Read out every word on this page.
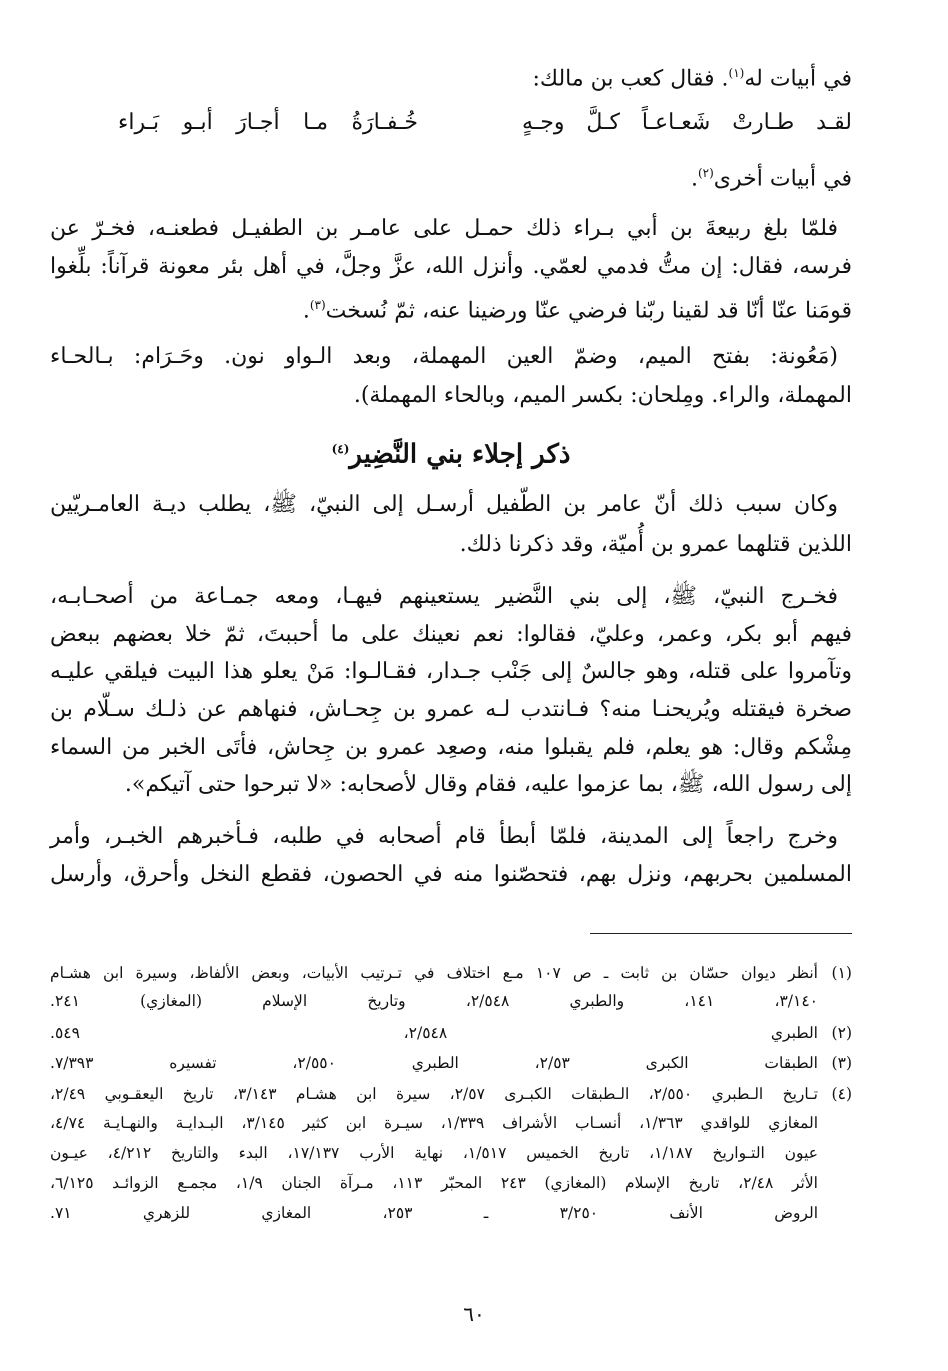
في أبيات له$^{(١)}$. فقال كعب بن مالك:
لقـد طـارتْ شَعـاعـاً كـلَّ وجـهٍ
خُـفـارَةُ مـا أجـارَ أبـو بَـراء
في أبيات أخرى$^{(٢)}$.
فلمّا بلغ ربيعةَ بن أبي بـراء ذلك حمـل على عامـر بن الطفيـل فطعنـه، فخـرّ عن
فرسه، فقال: إن متُّ فدمي لعمّي. وأنزل الله، عزَّ وجلَّ، في أهل بئر معونة قرآناً: بلِّغوا
قومَنا عنّا أنّا قد لقينا ربّنا فرضي عنّا ورضينا عنه، ثمّ نُسخت$^{(٣)}$.
(مَعُونة: بفتح الميم، وضمّ العين المهملة، وبعد الـواو نون. وحَـرَام: بـالحـاء
المهملة، والراء. ومِلحان: بكسر الميم، وبالحاء المهملة).
ذكر إجلاء بني النَّضِير$^{(٤)}$
وكان سبب ذلك أنّ عامر بن الطّفيل أرسـل إلى النبيّ، ﷺ، يطلب ديـة العامـريّين
اللذين قتلهما عمرو بن أُميّة، وقد ذكرنا ذلك.
فخـرج النبيّ، ﷺ، إلى بني النَّضير يستعينهم فيهـا، ومعه جمـاعة من أصحـابـه،
فيهم أبو بكر، وعمر، وعليّ، فقالوا: نعم نعينك على ما أحببتَ، ثمّ خلا بعضهم ببعض
وتآمروا على قتله، وهو جالسٌ إلى جَنْب جـدار، فقـالـوا: مَنْ يعلو هذا البيت فيلقي عليـه
صخرة فيقتله ويُريحنـا منه؟ فـانتدب لـه عمرو بن جِحـاش، فنهاهم عن ذلـك سـلّام بن
مِشْكم وقال: هو يعلم، فلم يقبلوا منه، وصعِد عمرو بن جِحاش، فأتَى الخبر من السماء
إلى رسول الله، ﷺ، بما عزموا عليه، فقام وقال لأصحابه: «لا تبرحوا حتى آتيكم».
وخرج راجعاً إلى المدينة، فلمّا أبطأ قام أصحابه في طلبه، فـأخبرهم الخبـر، وأمر
المسلمين بحربهم، ونزل بهم، فتحصّنوا منه في الحصون، فقطع النخل وأحرق، وأرسل
(١)أنظر ديوان حسّان بن ثابت ـ ص ١٠٧ مـع اختلاف في تـرتيب الأبيات، وبعض الألفاظ، وسيرة ابن هشـام
٣/١٤٠، ١٤١، والطبري ٢/٥٤٨، وتاريخ الإسلام (المغازي) ٢٤١.
(٢)الطبري ٢/٥٤٨، ٥٤٩.
(٣)الطبقات الكبرى ٢/٥٣، الطبري ٢/٥٥٠، تفسيره ٧/٣٩٣.
(٤)تـاريخ الـطبري ٢/٥٥٠، الـطبقات الكبـرى ٢/٥٧، سيرة ابن هشـام ٣/١٤٣، تاريخ اليعقـوبي ٢/٤٩،
المغازي للواقدي ١/٣٦٣، أنسـاب الأشراف ١/٣٣٩، سيـرة ابن كثير ٣/١٤٥، البـدايـة والنهـايـة ٤/٧٤،
عيون التـواريخ ١/١٨٧، تاريخ الخميس ١/٥١٧، نهاية الأرب ١٧/١٣٧، البدء والتاريخ ٤/٢١٢، عيـون
الأثر ٢/٤٨، تاريخ الإسلام (المغازي) ٢٤٣ المحبّر ١١٣، مـرآة الجنان ١/٩، مجمـع الزوائـد ٦/١٢٥،
الروض الأنف ٣/٢٥٠ ـ ٢٥٣، المغازي للزهري ٧١.
٦٠
